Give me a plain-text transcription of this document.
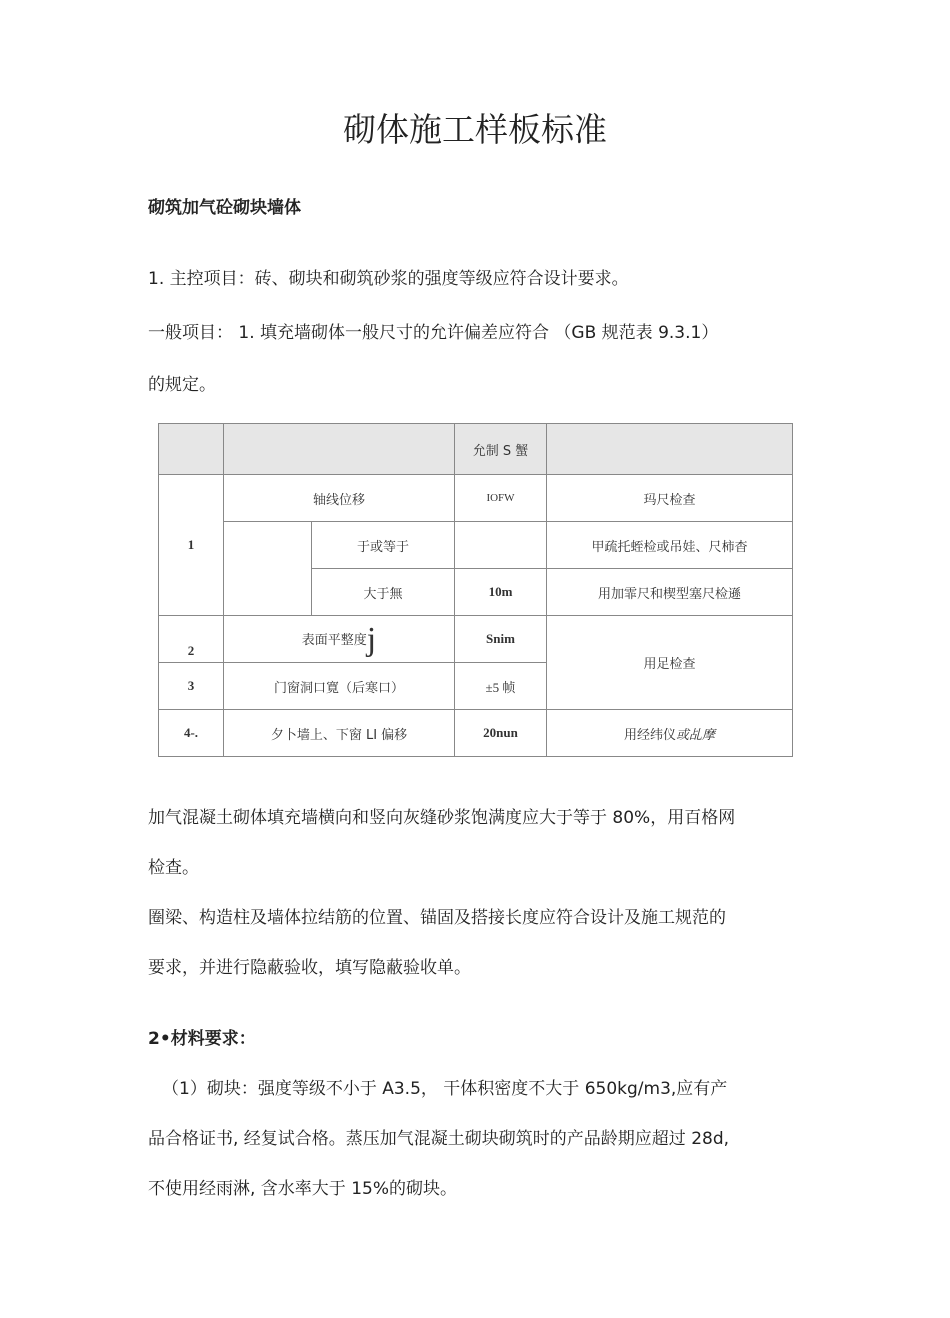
砌体施工样板标准
砌筑加气砼砌块墙体

1. 主控项目：砖、砌块和砌筑砂浆的强度等级应符合设计要求。

一般项目： 1. 填充墙砌体一般尺寸的允许偏差应符合 （GB 规范表 9.3.1）

的规定。

			允制 S 蟹	
1	轴线位移		IOFW	玛尺检查
		于或等于		甲疏托蛭检或吊娃、尺柿杳
		大于無	10m	用加霏尺和楔型塞尺检遜

2	表面平整度j		Snim	用足检查
3	门窗洞口寛（后寒口）		±5 帧	
4-.	夕卜墙上、下窗 LI 偏移		20nun	用经纬仪或乩摩

加气混凝土砌体填充墙横向和竖向灰缝砂浆饱满度应大于等于 80%，用百格网

检查。

圈梁、构造柱及墙体拉结筋的位置、锚固及搭接长度应符合设计及施工规范的

要求，并进行隐蔽验收，填写隐蔽验收单。

2•材料要求：

（1）砌块：强度等级不小于 A3.5， 干体积密度不大于 650kg/m3,应有产

品合格证书, 经复试合格。蒸压加气混凝土砌块砌筑时的产品龄期应超过 28d,

不使用经雨淋, 含水率大于 15%的砌块。
